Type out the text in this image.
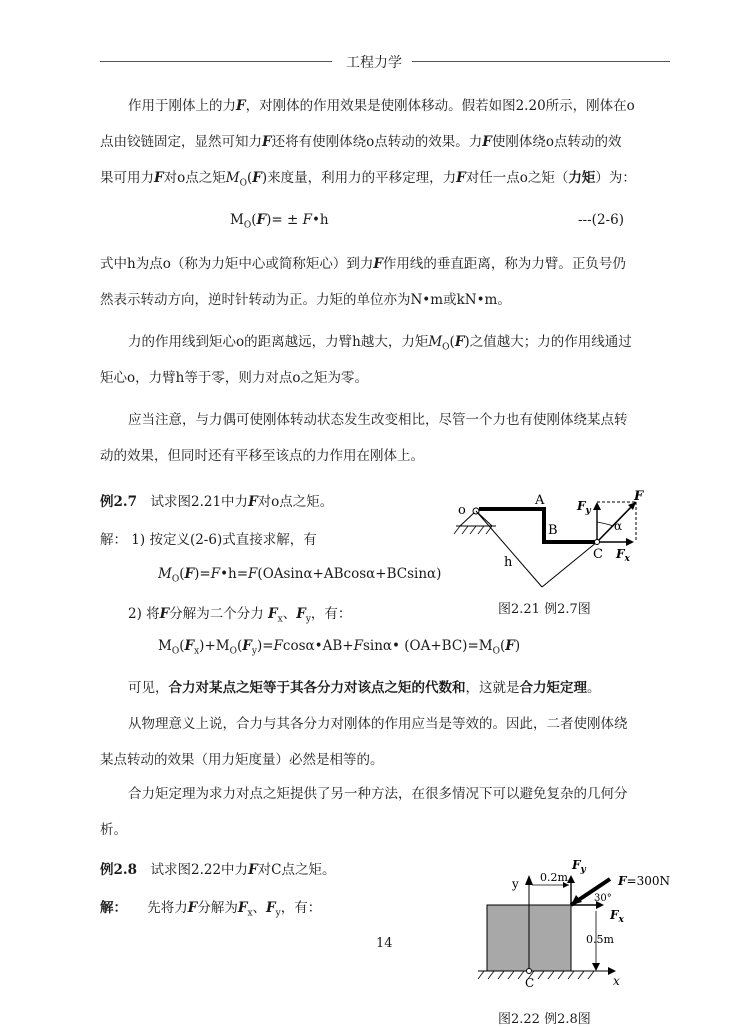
工程力学
作用于刚体上的力F，对刚体的作用效果是使刚体移动。假若如图2.20所示，刚体在o
点由铰链固定，显然可知力F还将有使刚体绕o点转动的效果。力F使刚体绕o点转动的效
果可用力F对o点之矩$M_O(F)$来度量，利用力的平移定理，力F对任一点o之矩（力矩）为：
$M_O(F)=$ ± F•h	---(2-6)
式中h为点o（称为力矩中心或简称矩心）到力F作用线的垂直距离，称为力臂。正负号仍
然表示转动方向，逆时针转动为正。力矩的单位亦为N•m或kN•m。
力的作用线到矩心o的距离越远，力臂h越大，力矩$M_O(F)$之值越大；力的作用线通过
矩心o，力臂h等于零，则力对点o之矩为零。
应当注意，与力偶可使刚体转动状态发生改变相比，尽管一个力也有使刚体绕某点转
动的效果，但同时还有平移至该点的力作用在刚体上。
例2.7　试求图2.21中力F对o点之矩。
解： 1) 按定义(2-6)式直接求解，有
$M_O(F)=F•h=F(OAsin\alpha+ABcos\alpha+BCsin\alpha)$
2) 将F分解为二个分力 $F_x$、$F_y$，有：
$M_O(F_x)+M_O(F_y)=Fcos\alpha•AB+Fsin\alpha•$ $(OA+BC)=M_O(F)$
o
A
B
C
h
F
$F_y$
$F_x$
α
图2.21 例2.7图
可见，合力对某点之矩等于其各分力对该点之矩的代数和，这就是合力矩定理。
从物理意义上说，合力与其各分力对刚体的作用应当是等效的。因此，二者使刚体绕
某点转动的效果（用力矩度量）必然是相等的。
合力矩定理为求力对点之矩提供了另一种方法，在很多情况下可以避免复杂的几何分
析。
例2.8　试求图2.22中力F对C点之矩。
解：　　先将力F分解为$F_x$、$F_y$，有：
y 0.2m
$F_y$
F=300N
30°
$F_x$
0.5m
x
C
图2.22 例2.8图
14
